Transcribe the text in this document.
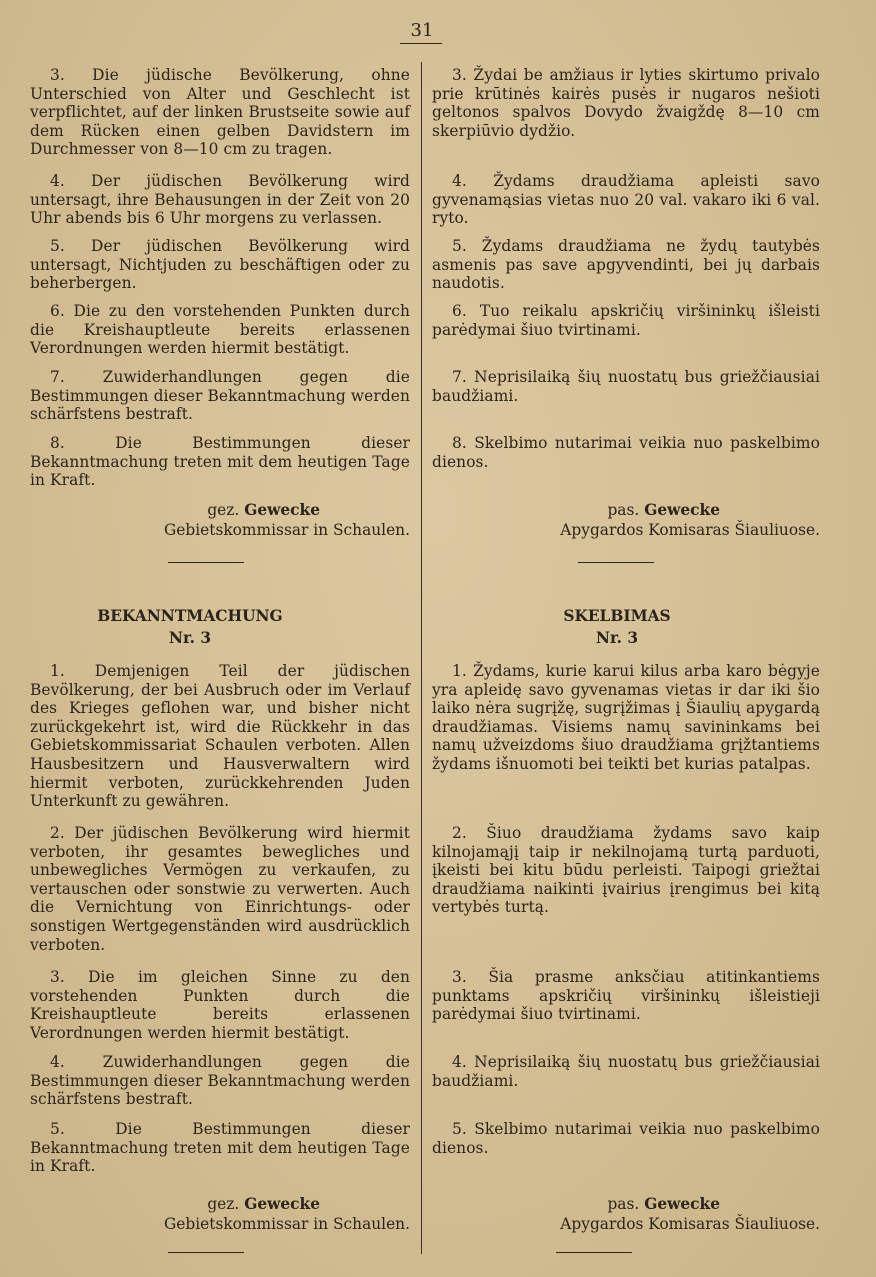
31

3. Die jüdische Bevölkerung, ohne Unterschied von Alter und Geschlecht ist verpflichtet, auf der linken Brustseite sowie auf dem Rücken einen gelben Davidstern im Durchmesser von 8—10 cm zu tragen.

4. Der jüdischen Bevölkerung wird untersagt, ihre Behausungen in der Zeit von 20 Uhr abends bis 6 Uhr morgens zu verlassen.

5. Der jüdischen Bevölkerung wird untersagt, Nichtjuden zu beschäftigen oder zu beherbergen.

6. Die zu den vorstehenden Punkten durch die Kreishauptleute bereits erlassenen Verordnungen werden hiermit bestätigt.

7. Zuwiderhandlungen gegen die Bestimmungen dieser Bekanntmachung werden schärfstens bestraft.

8. Die Bestimmungen dieser Bekanntmachung treten mit dem heutigen Tage in Kraft.

gez. Gewecke
Gebietskommissar in Schaulen.
BEKANNTMACHUNG
Nr. 3

1. Demjenigen Teil der jüdischen Bevölkerung, der bei Ausbruch oder im Verlauf des Krieges geflohen war, und bisher nicht zurückgekehrt ist, wird die Rückkehr in das Gebietskommissariat Schaulen verboten. Allen Hausbesitzern und Hausverwaltern wird hiermit verboten, zurückkehrenden Juden Unterkunft zu gewähren.

2. Der jüdischen Bevölkerung wird hiermit verboten, ihr gesamtes bewegliches und unbewegliches Vermögen zu verkaufen, zu vertauschen oder sonstwie zu verwerten. Auch die Vernichtung von Einrichtungs- oder sonstigen Wertgegenständen wird ausdrücklich verboten.

3. Die im gleichen Sinne zu den vorstehenden Punkten durch die Kreishauptleute bereits erlassenen Verordnungen werden hiermit bestätigt.

4. Zuwiderhandlungen gegen die Bestimmungen dieser Bekanntmachung werden schärfstens bestraft.

5. Die Bestimmungen dieser Bekanntmachung treten mit dem heutigen Tage in Kraft.

gez. Gewecke
Gebietskommissar in Schaulen.

3. Žydai be amžiaus ir lyties skirtumo privalo prie krūtinės kairės pusės ir nugaros nešioti geltonos spalvos Dovydo žvaigždę 8—10 cm skerpiūvio dydžio.

4. Žydams draudžiama apleisti savo gyvenamąsias vietas nuo 20 val. vakaro iki 6 val. ryto.

5. Žydams draudžiama ne žydų tautybės asmenis pas save apgyvendinti, bei jų darbais naudotis.

6. Tuo reikalu apskričių viršininkų išleisti parėdymai šiuo tvirtinami.

7. Neprisilaiką šių nuostatų bus griežčiausiai baudžiami.

8. Skelbimo nutarimai veikia nuo paskelbimo dienos.

pas. Gewecke
Apygardos Komisaras Šiauliuose.
SKELBIMAS
Nr. 3

1. Žydams, kurie karui kilus arba karo bėgyje yra apleidę savo gyvenamas vietas ir dar iki šio laiko nėra sugrįžę, sugrįžimas į Šiaulių apygardą draudžiamas. Visiems namų savininkams bei namų užveizdoms šiuo draudžiama grįžtantiems žydams išnuomoti bei teikti bet kurias patalpas.

2. Šiuo draudžiama žydams savo kaip kilnojamąjį taip ir nekilnojamą turtą parduoti, įkeisti bei kitu būdu perleisti. Taipogi griežtai draudžiama naikinti įvairius įrengimus bei kitą vertybės turtą.

3. Šia prasme anksčiau atitinkantiems punktams apskričių viršininkų išleistieji parėdymai šiuo tvirtinami.

4. Neprisilaiką šių nuostatų bus griežčiausiai baudžiami.

5. Skelbimo nutarimai veikia nuo paskelbimo dienos.

pas. Gewecke
Apygardos Komisaras Šiauliuose.
